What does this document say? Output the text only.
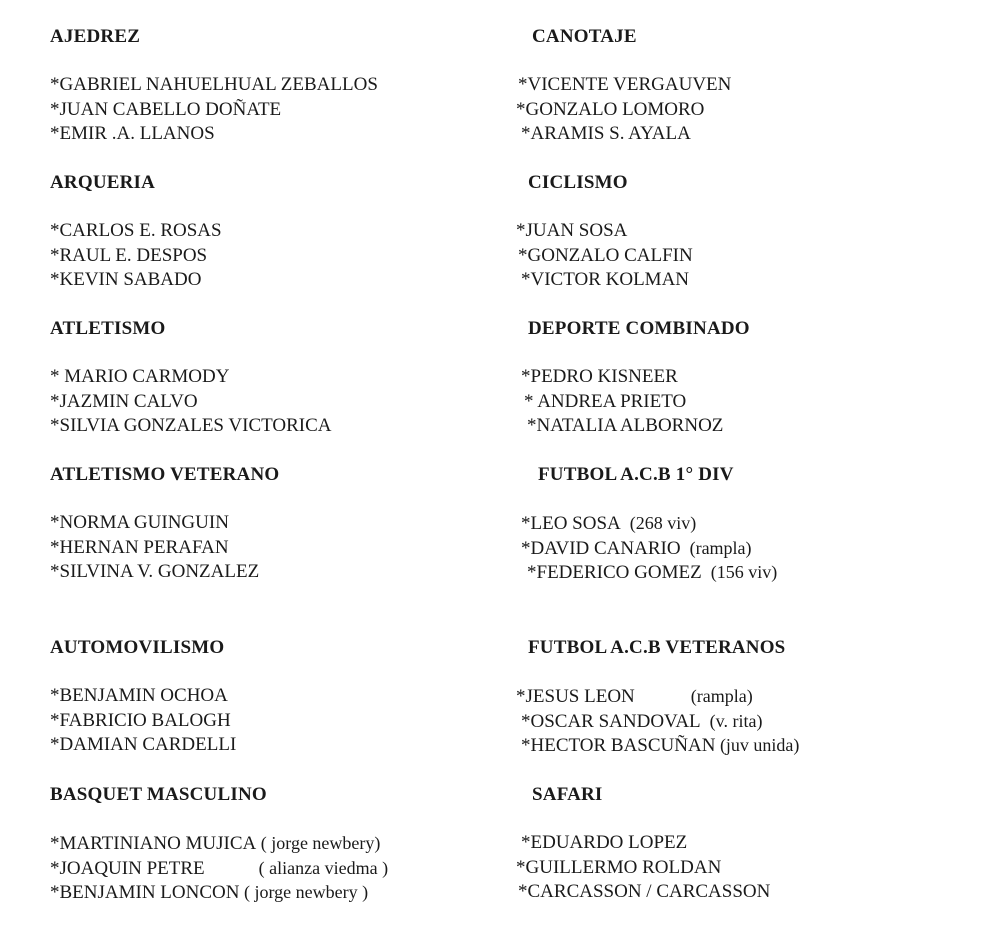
AJEDREZ
*GABRIEL NAHUELHUAL ZEBALLOS
*JUAN CABELLO DOÑATE
*EMIR .A. LLANOS
ARQUERIA
*CARLOS E. ROSAS
*RAUL E. DESPOS
*KEVIN SABADO
ATLETISMO
* MARIO CARMODY
*JAZMIN CALVO
*SILVIA GONZALES VICTORICA
ATLETISMO VETERANO
*NORMA GUINGUIN
*HERNAN PERAFAN
*SILVINA V. GONZALEZ
AUTOMOVILISMO
*BENJAMIN OCHOA
*FABRICIO BALOGH
*DAMIAN CARDELLI
BASQUET MASCULINO
*MARTINIANO MUJICA ( jorge newbery)
*JOAQUIN PETRE	( alianza viedma )
*BENJAMIN LONCON ( jorge newbery )
CANOTAJE
*VICENTE VERGAUVEN
*GONZALO LOMORO
*ARAMIS S. AYALA
CICLISMO
*JUAN SOSA
*GONZALO CALFIN
*VICTOR KOLMAN
DEPORTE COMBINADO
*PEDRO KISNEER
* ANDREA PRIETO
*NATALIA ALBORNOZ
FUTBOL A.C.B 1° DIV
*LEO SOSA  (268 viv)
*DAVID CANARIO  (rampla)
*FEDERICO GOMEZ  (156 viv)
FUTBOL A.C.B VETERANOS
*JESUS LEON	(rampla)
*OSCAR SANDOVAL  (v. rita)
*HECTOR BASCUÑAN (juv unida)
SAFARI
*EDUARDO LOPEZ
*GUILLERMO ROLDAN
*CARCASSON / CARCASSON
